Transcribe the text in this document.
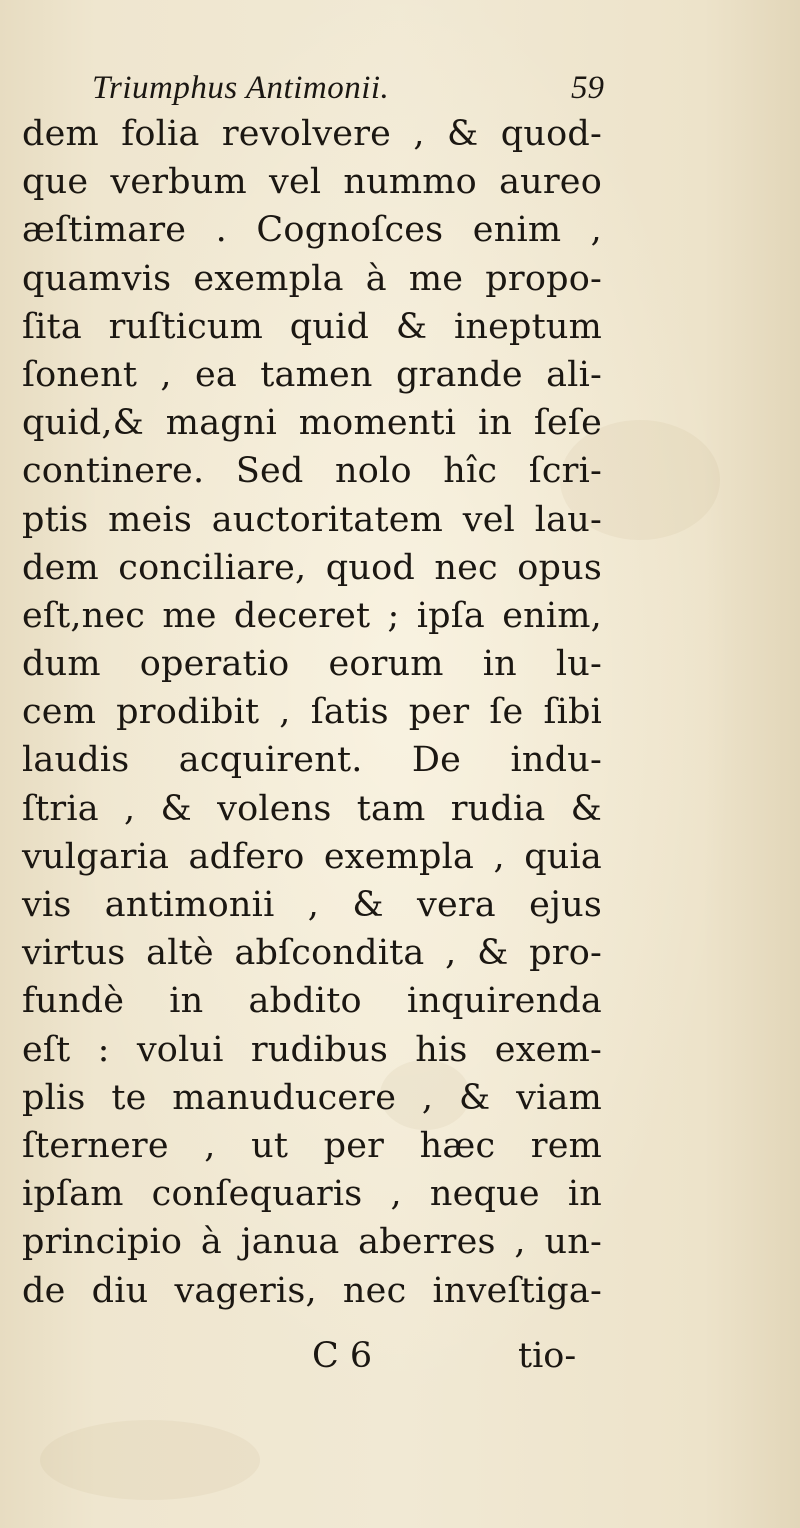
Triumphus Antimonii.	59
dem folia revolvere , & quod-
que verbum vel nummo aureo
æſtimare . Cognoſces enim ,
quamvis exempla à me propo-
ſita ruſticum quid & ineptum
ſonent , ea tamen grande ali-
quid,& magni momenti in ſeſe
continere. Sed nolo hîc ſcri-
ptis meis auctoritatem vel lau-
dem conciliare, quod nec opus
eſt,nec me deceret ; ipſa enim,
dum operatio eorum in lu-
cem prodibit , ſatis per ſe ſibi
laudis acquirent. De indu-
ſtria , & volens tam rudia &
vulgaria adfero exempla , quia
vis antimonii , & vera ejus
virtus altè abſcondita , & pro-
fundè in abdito inquirenda
eſt : volui rudibus his exem-
plis te manuducere , & viam
ſternere , ut per hæc rem
ipſam conſequaris , neque in
principio à janua aberres , un-
de diu vageris, nec inveſtiga-
C 6	tio-
